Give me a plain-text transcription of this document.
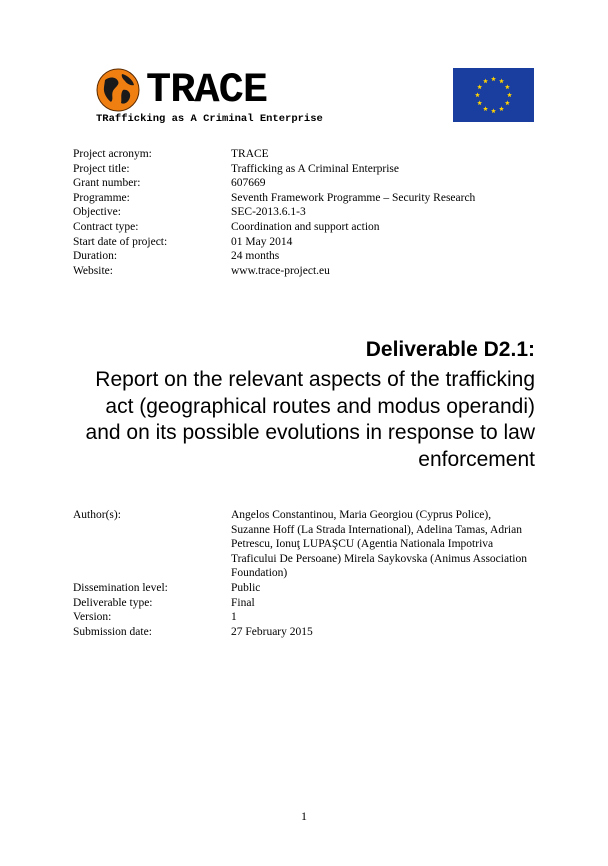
TRACE
TRafficking as A Criminal Enterprise
Project acronym:	TRACE
Project title:	Trafficking as A Criminal Enterprise
Grant number:	607669
Programme:	Seventh Framework Programme – Security Research
Objective:	SEC-2013.6.1-3
Contract type:	Coordination and support action
Start date of project:	01 May 2014
Duration:	24 months
Website:	www.trace-project.eu
Deliverable D2.1:
Report on the relevant aspects of the trafficking act (geographical routes and modus operandi) and on its possible evolutions in response to law enforcement
Author(s):	Angelos Constantinou, Maria Georgiou (Cyprus Police), Suzanne Hoff (La Strada International), Adelina Tamas, Adrian Petrescu, Ionuţ LUPAŞCU (Agentia Nationala Impotriva Traficului De Persoane) Mirela Saykovska (Animus Association Foundation)
Dissemination level:	Public
Deliverable type:	Final
Version:	1
Submission date:	27 February 2015
1
